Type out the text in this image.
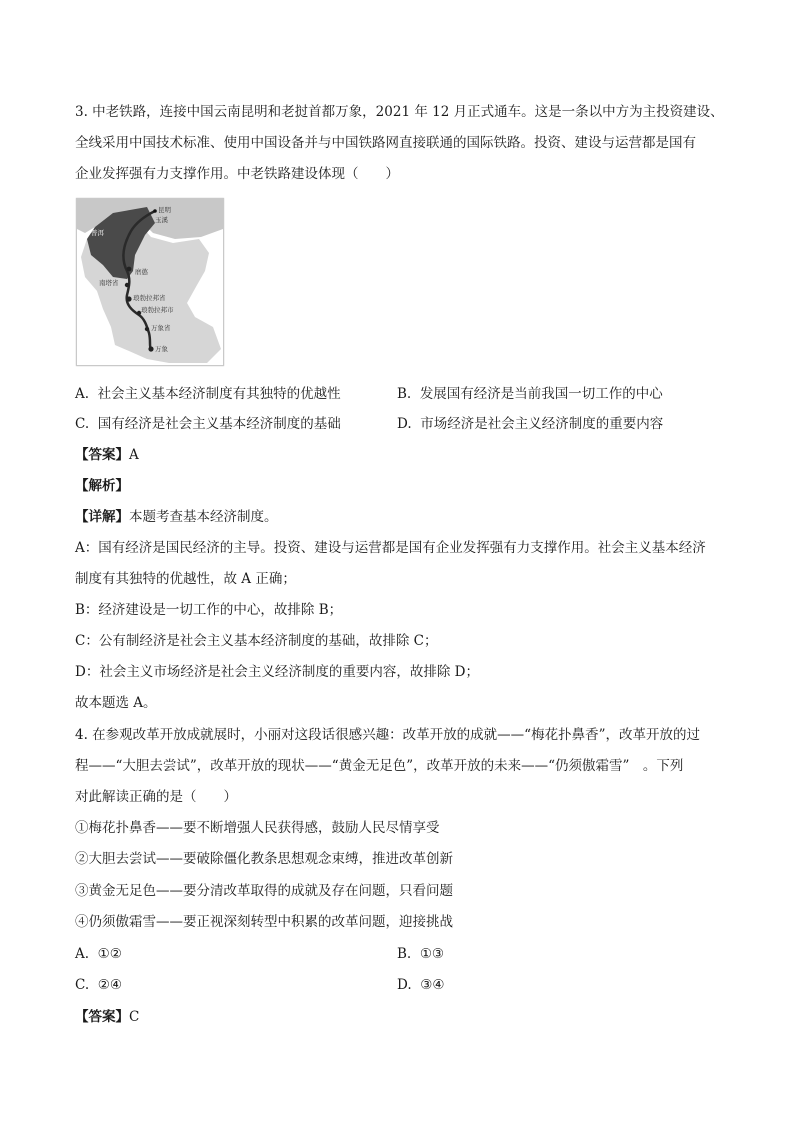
3. 中老铁路，连接中国云南昆明和老挝首都万象，2021 年 12 月正式通车。这是一条以中方为主投资建设、
全线采用中国技术标准、使用中国设备并与中国铁路网直接联通的国际铁路。投资、建设与运营都是国有
企业发挥强有力支撑作用。中老铁路建设体现（　　）
昆明
玉溪
普洱
磨憨
南塔省
琅勃拉邦省
琅勃拉邦市
万象省
万象
A. 社会主义基本经济制度有其独特的优越性	B. 发展国有经济是当前我国一切工作的中心
C. 国有经济是社会主义基本经济制度的基础	D. 市场经济是社会主义经济制度的重要内容
【答案】A
【解析】
【详解】本题考查基本经济制度。
A：国有经济是国民经济的主导。投资、建设与运营都是国有企业发挥强有力支撑作用。社会主义基本经济
制度有其独特的优越性，故 A 正确；
B：经济建设是一切工作的中心，故排除 B；
C：公有制经济是社会主义基本经济制度的基础，故排除 C；
D：社会主义市场经济是社会主义经济制度的重要内容，故排除 D；
故本题选 A。
4. 在参观改革开放成就展时，小丽对这段话很感兴趣：改革开放的成就——“梅花扑鼻香”，改革开放的过
程——“大胆去尝试”，改革开放的现状——“黄金无足色”，改革开放的未来——“仍须傲霜雪”　。下列
对此解读正确的是（　　）
①梅花扑鼻香——要不断增强人民获得感，鼓励人民尽情享受
②大胆去尝试——要破除僵化教条思想观念束缚，推进改革创新
③黄金无足色——要分清改革取得的成就及存在问题，只看问题
④仍须傲霜雪——要正视深刻转型中积累的改革问题，迎接挑战
A. ①②	B. ①③
C. ②④	D. ③④
【答案】C
